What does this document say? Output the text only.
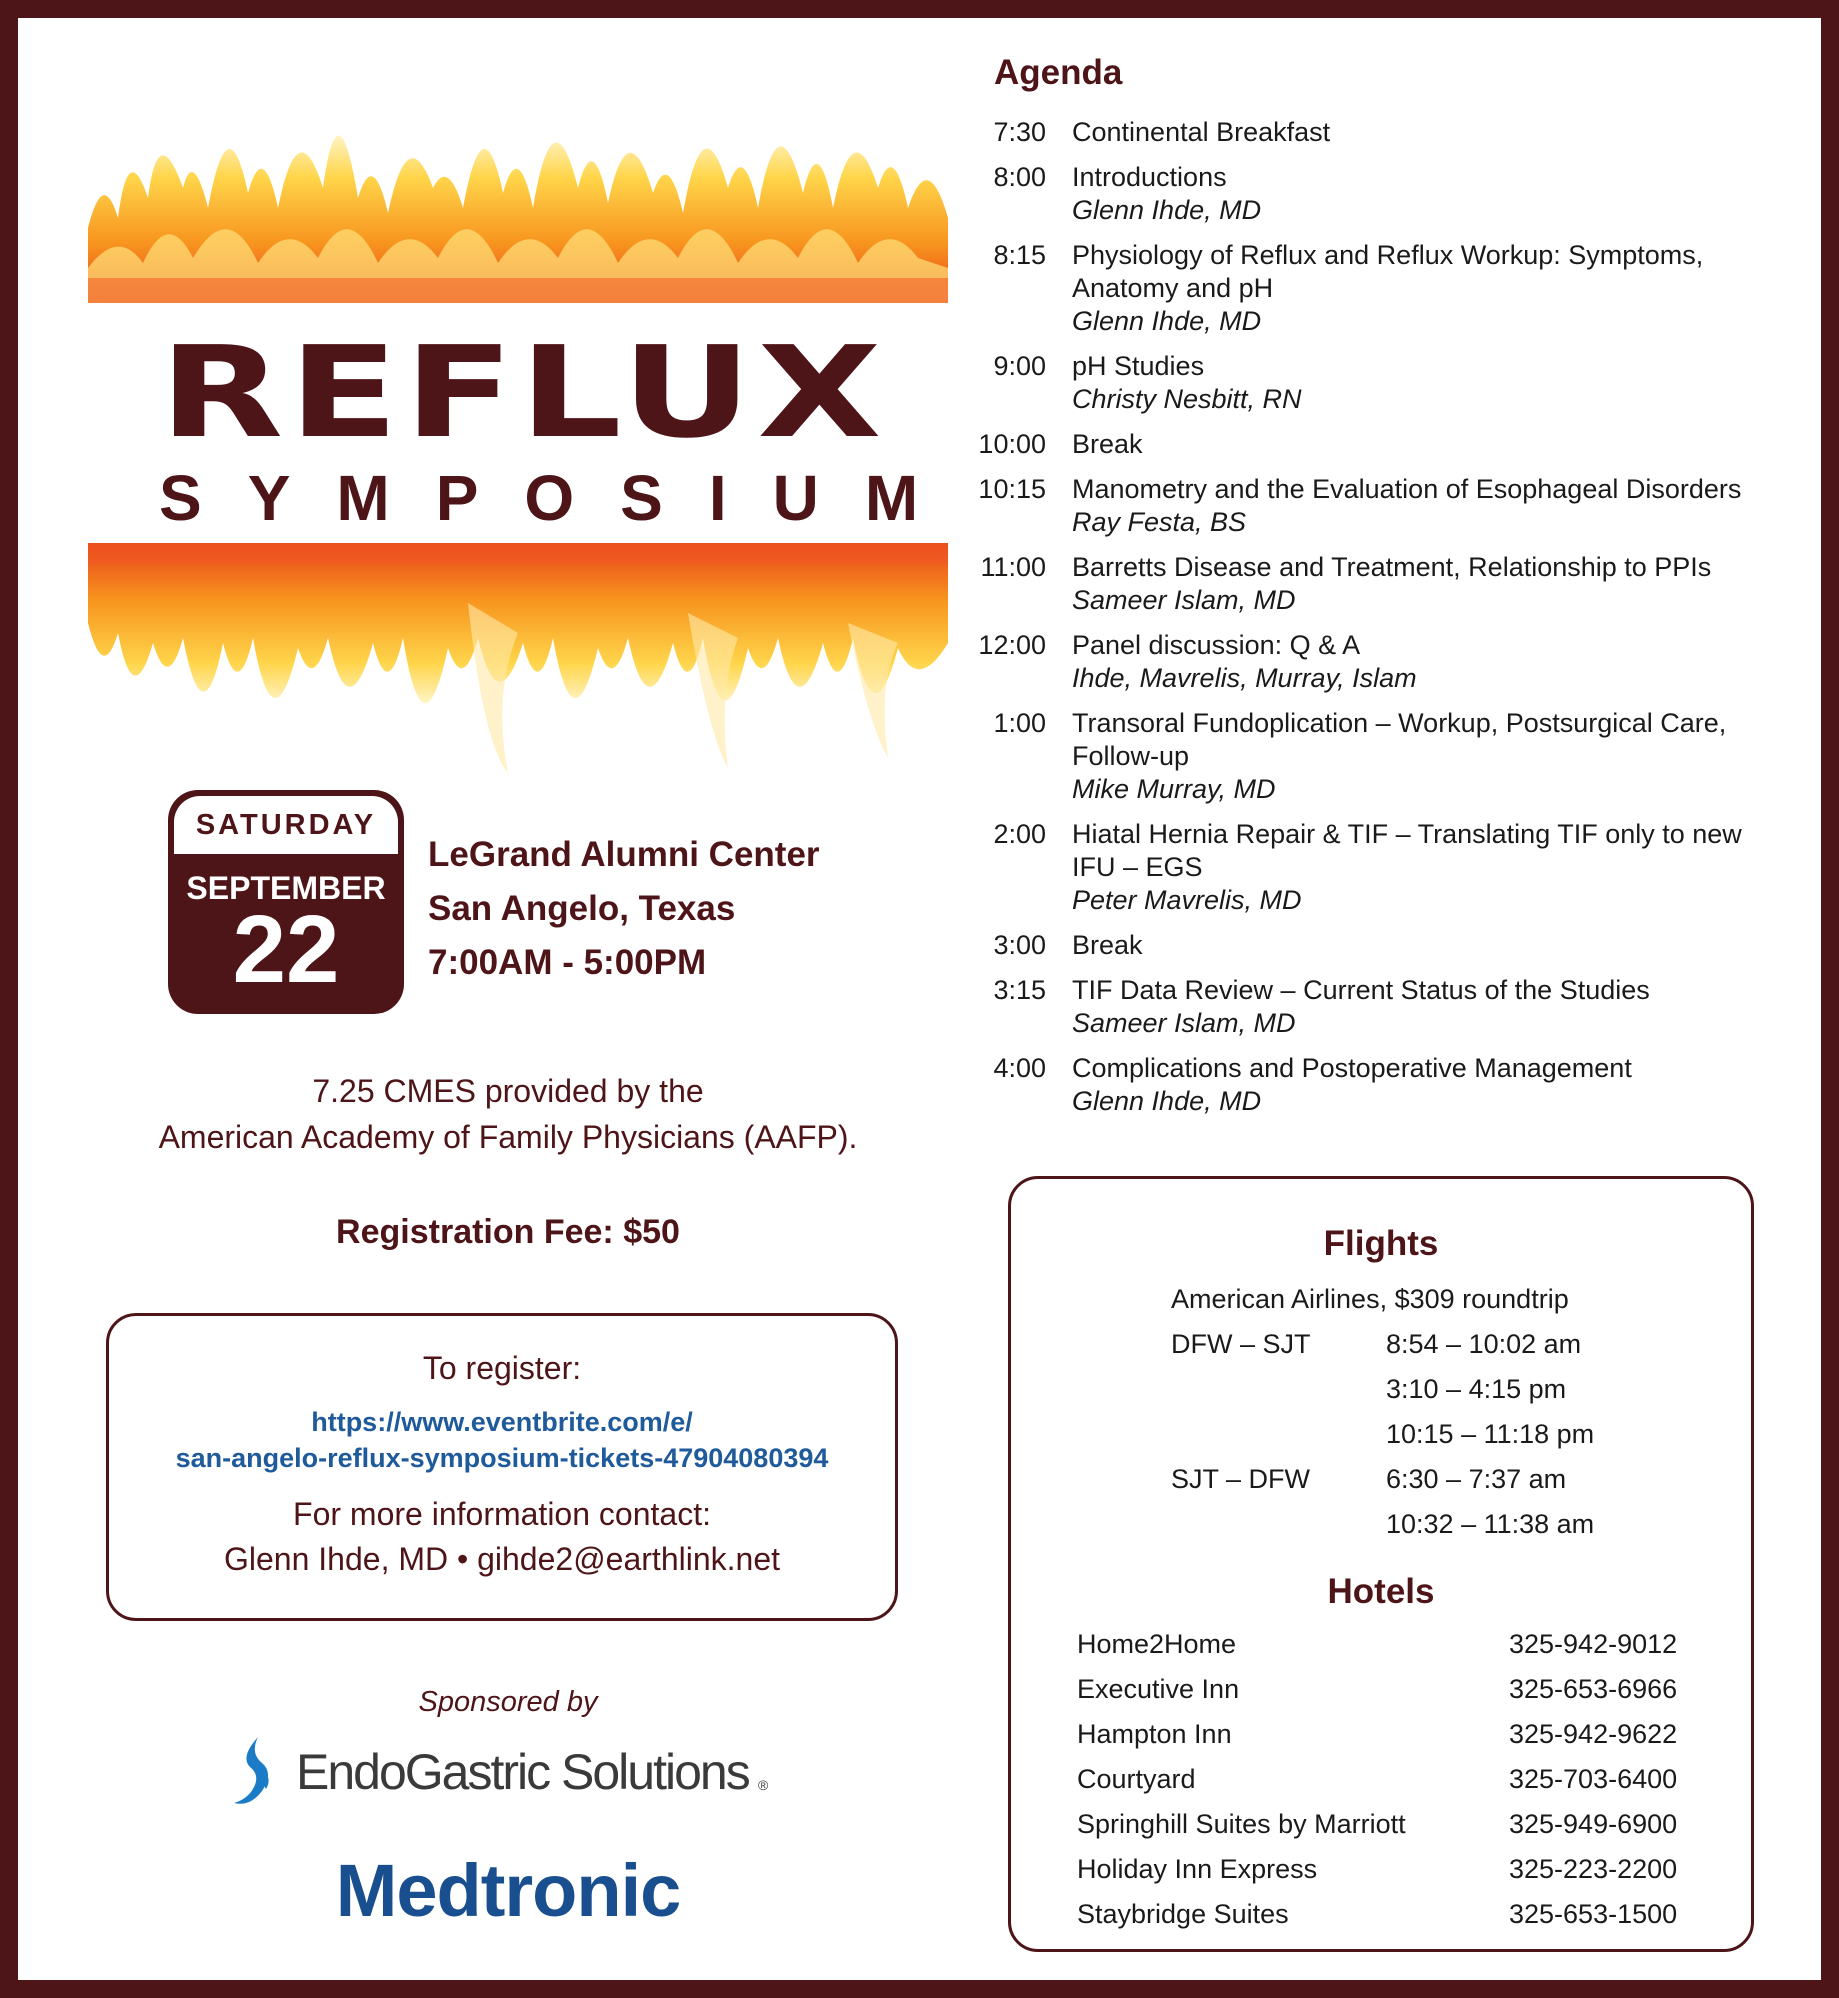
REFLUX
SYMPOSIUM
SATURDAY
SEPTEMBER
22
LeGrand Alumni Center
San Angelo, Texas
7:00AM - 5:00PM
7.25 CMES provided by the
American Academy of Family Physicians (AAFP).
Registration Fee: $50
To register:
https://www.eventbrite.com/e/
san-angelo-reflux-symposium-tickets-47904080394
For more information contact:
Glenn Ihde, MD • gihde2@earthlink.net
Sponsored by
EndoGastric Solutions ®
Medtronic
Agenda
7:30 Continental Breakfast
8:00 Introductions
Glenn Ihde, MD
8:15 Physiology of Reflux and Reflux Workup: Symptoms, Anatomy and pH
Glenn Ihde, MD
9:00 pH Studies
Christy Nesbitt, RN
10:00 Break
10:15 Manometry and the Evaluation of Esophageal Disorders
Ray Festa, BS
11:00 Barretts Disease and Treatment, Relationship to PPIs
Sameer Islam, MD
12:00 Panel discussion: Q & A
Ihde, Mavrelis, Murray, Islam
1:00 Transoral Fundoplication – Workup, Postsurgical Care, Follow-up
Mike Murray, MD
2:00 Hiatal Hernia Repair & TIF – Translating TIF only to new IFU – EGS
Peter Mavrelis, MD
3:00 Break
3:15 TIF Data Review – Current Status of the Studies
Sameer Islam, MD
4:00 Complications and Postoperative Management
Glenn Ihde, MD
Flights
American Airlines, $309 roundtrip
Hotels
DFW – SJT	8:54 – 10:02 am
3:10 – 4:15 pm
10:15 – 11:18 pm
SJT – DFW	6:30 – 7:37 am
10:32 – 11:38 am
Home2Home	325-942-9012
Executive Inn	325-653-6966
Hampton Inn	325-942-9622
Courtyard	325-703-6400
Springhill Suites by Marriott	325-949-6900
Holiday Inn Express	325-223-2200
Staybridge Suites	325-653-1500
